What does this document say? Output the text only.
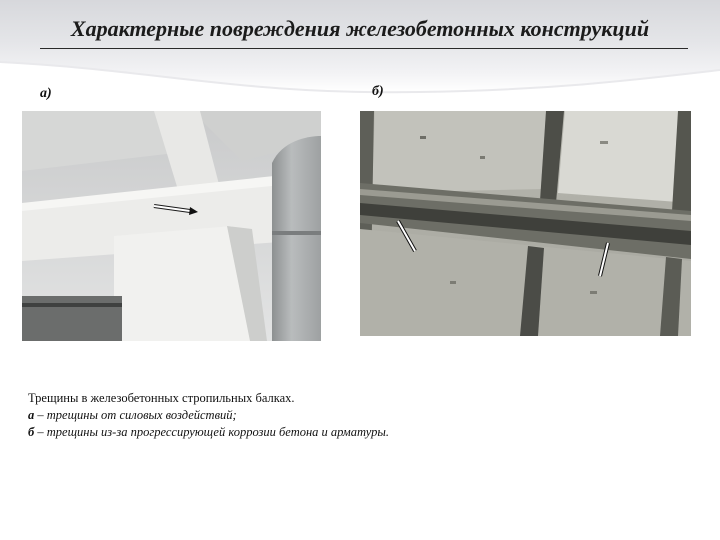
Характерные повреждения железобетонных конструкций
а)	б)
Трещины в железобетонных стропильных балках.
а – трещины от силовых воздействий;
б – трещины из-за прогрессирующей коррозии бетона и арматуры.
